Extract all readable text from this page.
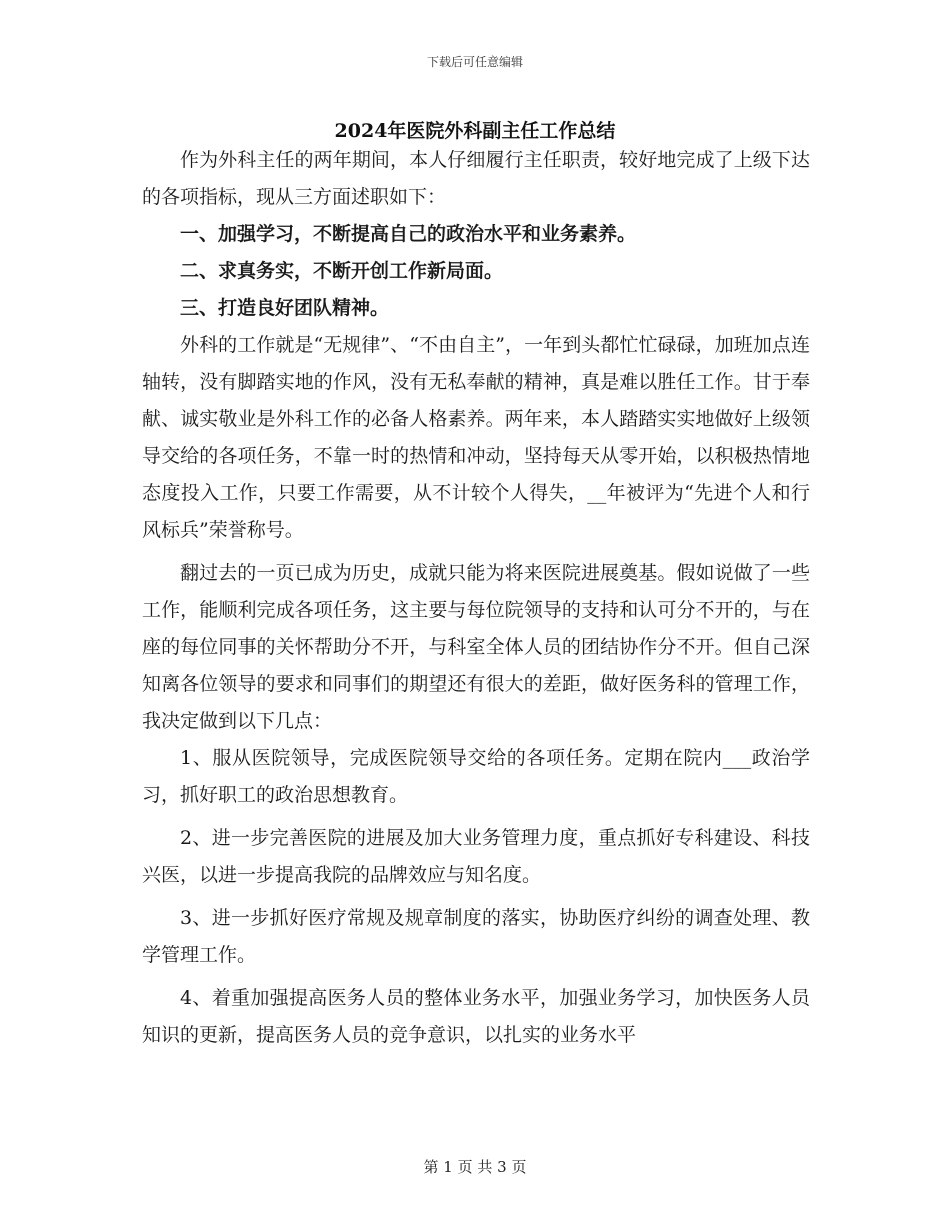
下载后可任意编辑
2024年医院外科副主任工作总结

作为外科主任的两年期间，本人仔细履行主任职责，较好地完成了上级下达的各项指标，现从三方面述职如下：

一、加强学习，不断提高自己的政治水平和业务素养。

二、求真务实，不断开创工作新局面。

三、打造良好团队精神。

外科的工作就是“无规律”、“不由自主”，一年到头都忙忙碌碌，加班加点连轴转，没有脚踏实地的作风，没有无私奉献的精神，真是难以胜任工作。甘于奉献、诚实敬业是外科工作的必备人格素养。两年来，本人踏踏实实地做好上级领导交给的各项任务，不靠一时的热情和冲动，坚持每天从零开始，以积极热情地态度投入工作，只要工作需要，从不计较个人得失，__年被评为“先进个人和行风标兵”荣誉称号。

翻过去的一页已成为历史，成就只能为将来医院进展奠基。假如说做了一些工作，能顺利完成各项任务，这主要与每位院领导的支持和认可分不开的，与在座的每位同事的关怀帮助分不开，与科室全体人员的团结协作分不开。但自己深知离各位领导的要求和同事们的期望还有很大的差距，做好医务科的管理工作，我决定做到以下几点：

1、服从医院领导，完成医院领导交给的各项任务。定期在院内___政治学习，抓好职工的政治思想教育。

2、进一步完善医院的进展及加大业务管理力度，重点抓好专科建设、科技兴医，以进一步提高我院的品牌效应与知名度。

3、进一步抓好医疗常规及规章制度的落实，协助医疗纠纷的调查处理、教学管理工作。

4、着重加强提高医务人员的整体业务水平，加强业务学习，加快医务人员知识的更新，提高医务人员的竞争意识，以扎实的业务水平

第 1 页 共 3 页
